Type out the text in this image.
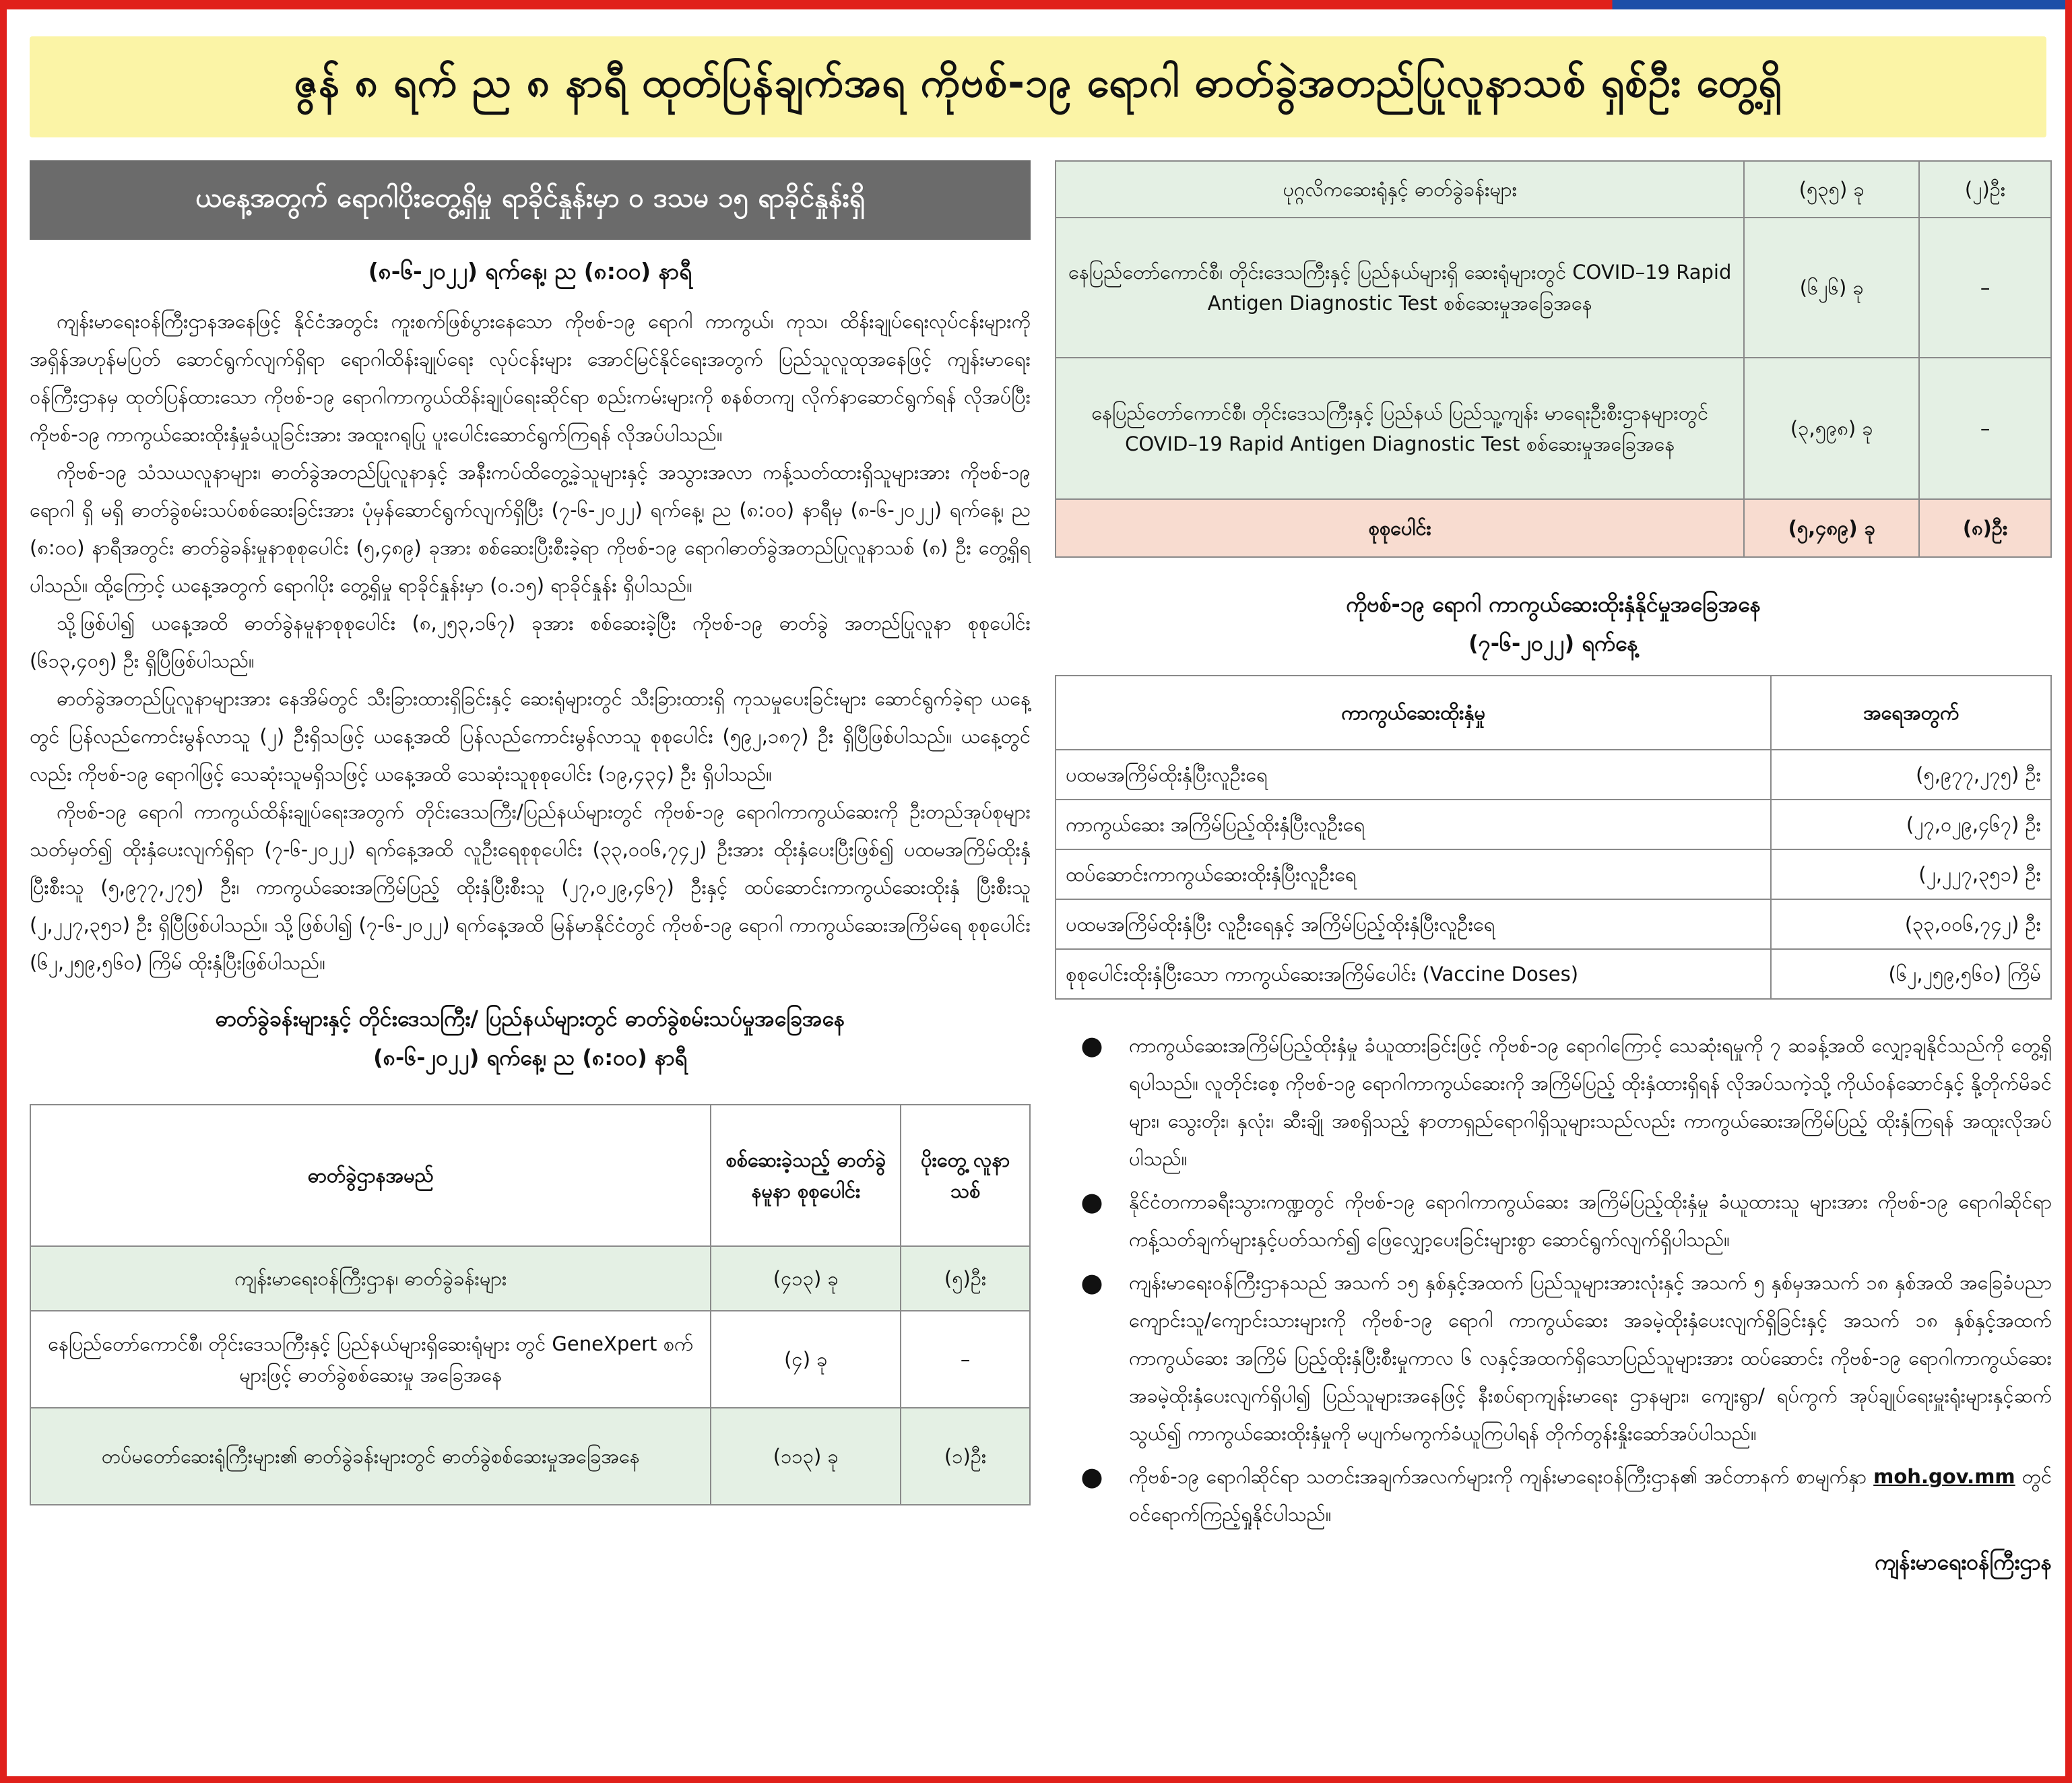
ဇွန် ၈ ရက် ည ၈ နာရီ ထုတ်ပြန်ချက်အရ ကိုဗစ်-၁၉ ရောဂါ ဓာတ်ခွဲအတည်ပြုလူနာသစ် ရှစ်ဦး တွေ့ရှိ
ယနေ့အတွက် ရောဂါပိုးတွေ့ရှိမှု ရာခိုင်နှုန်းမှာ ၀ ဒသမ ၁၅ ရာခိုင်နှုန်းရှိ
(၈-၆-၂၀၂၂) ရက်နေ့၊ ည (၈:၀၀) နာရီ

ကျန်းမာရေးဝန်ကြီးဌာနအနေဖြင့် နိုင်ငံအတွင်း ကူးစက်ဖြစ်ပွားနေသော ကိုဗစ်-၁၉ ရောဂါ ကာကွယ်၊ ကုသ၊ ထိန်းချုပ်ရေးလုပ်ငန်းများကို အရှိန်အဟုန်မပြတ် ဆောင်ရွက်လျက်ရှိရာ ရောဂါထိန်းချုပ်ရေး လုပ်ငန်းများ အောင်မြင်နိုင်ရေးအတွက် ပြည်သူလူထုအနေဖြင့် ကျန်းမာရေးဝန်ကြီးဌာနမှ ထုတ်ပြန်ထားသော ကိုဗစ်-၁၉ ရောဂါကာကွယ်ထိန်းချုပ်ရေးဆိုင်ရာ စည်းကမ်းများကို စနစ်တကျ လိုက်နာဆောင်ရွက်ရန် လိုအပ်ပြီး ကိုဗစ်-၁၉ ကာကွယ်ဆေးထိုးနှံမှုခံယူခြင်းအား အထူးဂရုပြု ပူးပေါင်းဆောင်ရွက်ကြရန် လိုအပ်ပါသည်။

ကိုဗစ်-၁၉ သံသယလူနာများ၊ ဓာတ်ခွဲအတည်ပြုလူနာနှင့် အနီးကပ်ထိတွေ့ခဲ့သူများနှင့် အသွားအလာ ကန့်သတ်ထားရှိသူများအား ကိုဗစ်-၁၉ ရောဂါ ရှိ မရှိ ဓာတ်ခွဲစမ်းသပ်စစ်ဆေးခြင်းအား ပုံမှန်ဆောင်ရွက်လျက်ရှိပြီး (၇-၆-၂၀၂၂) ရက်နေ့၊ ည (၈:၀၀) နာရီမှ (၈-၆-၂၀၂၂) ရက်နေ့၊ ည (၈:၀၀) နာရီအတွင်း ဓာတ်ခွဲခန်းမှုနာစုစုပေါင်း (၅,၄၈၉) ခုအား စစ်ဆေးပြီးစီးခဲ့ရာ ကိုဗစ်-၁၉ ရောဂါဓာတ်ခွဲအတည်ပြုလူနာသစ် (၈) ဦး တွေ့ရှိရပါသည်။ ထို့ကြောင့် ယနေ့အတွက် ရောဂါပိုး တွေ့ရှိမှု ရာခိုင်နှုန်းမှာ (၀.၁၅) ရာခိုင်နှုန်း ရှိပါသည်။

သို့ဖြစ်ပါ၍ ယနေ့အထိ ဓာတ်ခွဲနမူနာစုစုပေါင်း (၈,၂၅၃,၁၆၇) ခုအား စစ်ဆေးခဲ့ပြီး ကိုဗစ်-၁၉ ဓာတ်ခွဲ အတည်ပြုလူနာ စုစုပေါင်း (၆၁၃,၄၀၅) ဦး ရှိပြီဖြစ်ပါသည်။

ဓာတ်ခွဲအတည်ပြုလူနာများအား နေအိမ်တွင် သီးခြားထားရှိခြင်းနှင့် ဆေးရုံများတွင် သီးခြားထားရှိ ကုသမှုပေးခြင်းများ ဆောင်ရွက်ခဲ့ရာ ယနေ့တွင် ပြန်လည်ကောင်းမွန်လာသူ (၂) ဦးရှိသဖြင့် ယနေ့အထိ ပြန်လည်ကောင်းမွန်လာသူ စုစုပေါင်း (၅၉၂,၁၈၇) ဦး ရှိပြီဖြစ်ပါသည်။ ယနေ့တွင်လည်း ကိုဗစ်-၁၉ ရောဂါဖြင့် သေဆုံးသူမရှိသဖြင့် ယနေ့အထိ သေဆုံးသူစုစုပေါင်း (၁၉,၄၃၄) ဦး ရှိပါသည်။

ကိုဗစ်-၁၉ ရောဂါ ကာကွယ်ထိန်းချုပ်ရေးအတွက် တိုင်းဒေသကြီး/ပြည်နယ်များတွင် ကိုဗစ်-၁၉ ရောဂါကာကွယ်ဆေးကို ဦးတည်အုပ်စုများသတ်မှတ်၍ ထိုးနှံပေးလျက်ရှိရာ (၇-၆-၂၀၂၂) ရက်နေ့အထိ လူဦးရေစုစုပေါင်း (၃၃,၀၀၆,၇၄၂) ဦးအား ထိုးနှံပေးပြီးဖြစ်၍ ပထမအကြိမ်ထိုးနှံပြီးစီးသူ (၅,၉၇၇,၂၇၅) ဦး၊ ကာကွယ်ဆေးအကြိမ်ပြည့် ထိုးနှံပြီးစီးသူ (၂၇,၀၂၉,၄၆၇) ဦးနှင့် ထပ်ဆောင်းကာကွယ်ဆေးထိုးနှံ ပြီးစီးသူ (၂,၂၂၇,၃၅၁) ဦး ရှိပြီဖြစ်ပါသည်။ သို့ဖြစ်ပါ၍ (၇-၆-၂၀၂၂) ရက်နေ့အထိ မြန်မာနိုင်ငံတွင် ကိုဗစ်-၁၉ ရောဂါ ကာကွယ်ဆေးအကြိမ်ရေ စုစုပေါင်း (၆၂,၂၅၉,၅၆၀) ကြိမ် ထိုးနှံပြီးဖြစ်ပါသည်။

ဓာတ်ခွဲခန်းများနှင့် တိုင်းဒေသကြီး/ ပြည်နယ်များတွင် ဓာတ်ခွဲစမ်းသပ်မှုအခြေအနေ
(၈-၆-၂၀၂၂) ရက်နေ့၊ ည (၈:၀၀) နာရီ
ဓာတ်ခွဲဌာနအမည်	စစ်ဆေးခဲ့သည့် ဓာတ်ခွဲနမူနာ စုစုပေါင်း	ပိုးတွေ့ လူနာသစ်
ကျန်းမာရေးဝန်ကြီးဌာန၊ ဓာတ်ခွဲခန်းများ	(၄၁၃) ခု	(၅)ဦး
နေပြည်တော်ကောင်စီ၊ တိုင်းဒေသကြီးနှင့် ပြည်နယ်များရှိဆေးရုံများ တွင် GeneXpert စက်များဖြင့် ဓာတ်ခွဲစစ်ဆေးမှု အခြေအနေ	(၄) ခု	–
တပ်မတော်ဆေးရုံကြီးများ၏ ဓာတ်ခွဲခန်းများတွင် ဓာတ်ခွဲစစ်ဆေးမှုအခြေအနေ	(၁၁၃) ခု	(၁)ဦး
ပုဂ္ဂလိကဆေးရုံနှင့် ဓာတ်ခွဲခန်းများ	(၅၃၅) ခု	(၂)ဦး
နေပြည်တော်ကောင်စီ၊ တိုင်းဒေသကြီးနှင့် ပြည်နယ်များရှိ ဆေးရုံများတွင် COVID–19 Rapid Antigen Diagnostic Test စစ်ဆေးမှုအခြေအနေ	(၆၂၆) ခု	–
နေပြည်တော်ကောင်စီ၊ တိုင်းဒေသကြီးနှင့် ပြည်နယ် ပြည်သူ့ကျန်း မာရေးဦးစီးဌာနများတွင် COVID–19 Rapid Antigen Diagnostic Test စစ်ဆေးမှုအခြေအနေ	(၃,၅၉၈) ခု	–
စုစုပေါင်း	(၅,၄၈၉) ခု	(၈)ဦး
ကိုဗစ်-၁၉ ရောဂါ ကာကွယ်ဆေးထိုးနှံနိုင်မှုအခြေအနေ
(၇-၆-၂၀၂၂) ရက်နေ့
ကာကွယ်ဆေးထိုးနှံမှု	အရေအတွက်
ပထမအကြိမ်ထိုးနှံပြီးလူဦးရေ	(၅,၉၇၇,၂၇၅) ဦး
ကာကွယ်ဆေး အကြိမ်ပြည့်ထိုးနှံပြီးလူဦးရေ	(၂၇,၀၂၉,၄၆၇) ဦး
ထပ်ဆောင်းကာကွယ်ဆေးထိုးနှံပြီးလူဦးရေ	(၂,၂၂၇,၃၅၁) ဦး
ပထမအကြိမ်ထိုးနှံပြီး လူဦးရေနှင့် အကြိမ်ပြည့်ထိုးနှံပြီးလူဦးရေ	(၃၃,၀၀၆,၇၄၂) ဦး
စုစုပေါင်းထိုးနှံပြီးသော ကာကွယ်ဆေးအကြိမ်ပေါင်း (Vaccine Doses)	(၆၂,၂၅၉,၅၆၀) ကြိမ်
●	ကာကွယ်ဆေးအကြိမ်ပြည့်ထိုးနှံမှု ခံယူထားခြင်းဖြင့် ကိုဗစ်-၁၉ ရောဂါကြောင့် သေဆုံးရမှုကို ၇ ဆခန့်အထိ လျှော့ချနိုင်သည်ကို တွေ့ရှိရပါသည်။ လူတိုင်းစေ့ ကိုဗစ်-၁၉ ရောဂါကာကွယ်ဆေးကို အကြိမ်ပြည့် ထိုးနှံထားရှိရန် လိုအပ်သကဲ့သို့ ကိုယ်ဝန်ဆောင်နှင့် နို့တိုက်မိခင်များ၊ သွေးတိုး၊ နှလုံး၊ ဆီးချို အစရှိသည့် နာတာရှည်ရောဂါရှိသူများသည်လည်း ကာကွယ်ဆေးအကြိမ်ပြည့် ထိုးနှံကြရန် အထူးလိုအပ်ပါသည်။
●	နိုင်ငံတကာခရီးသွားကဏ္ဍတွင် ကိုဗစ်-၁၉ ရောဂါကာကွယ်ဆေး အကြိမ်ပြည့်ထိုးနှံမှု ခံယူထားသူ များအား ကိုဗစ်-၁၉ ရောဂါဆိုင်ရာ ကန့်သတ်ချက်များနှင့်ပတ်သက်၍ ဖြေလျှော့ပေးခြင်းများစွာ ဆောင်ရွက်လျက်ရှိပါသည်။
●	ကျန်းမာရေးဝန်ကြီးဌာနသည် အသက် ၁၅ နှစ်နှင့်အထက် ပြည်သူများအားလုံးနှင့် အသက် ၅ နှစ်မှအသက် ၁၈ နှစ်အထိ အခြေခံပညာကျောင်းသူ/ကျောင်းသားများကို ကိုဗစ်-၁၉ ရောဂါ ကာကွယ်ဆေး အခမဲ့ထိုးနှံပေးလျက်ရှိခြင်းနှင့် အသက် ၁၈ နှစ်နှင့်အထက် ကာကွယ်ဆေး အကြိမ် ပြည့်ထိုးနှံပြီးစီးမှုကာလ ၆ လနှင့်အထက်ရှိသောပြည်သူများအား ထပ်ဆောင်း ကိုဗစ်-၁၉ ရောဂါကာကွယ်ဆေး အခမဲ့ထိုးနှံပေးလျက်ရှိပါ၍ ပြည်သူများအနေဖြင့် နီးစပ်ရာကျန်းမာရေး ဌာနများ၊ ကျေးရွာ/ ရပ်ကွက် အုပ်ချုပ်ရေးမှူးရုံးများနှင့်ဆက်သွယ်၍ ကာကွယ်ဆေးထိုးနှံမှုကို မပျက်မကွက်ခံယူကြပါရန် တိုက်တွန်းနှိုးဆော်အပ်ပါသည်။
●	ကိုဗစ်-၁၉ ရောဂါဆိုင်ရာ သတင်းအချက်အလက်များကို ကျန်းမာရေးဝန်ကြီးဌာန၏ အင်တာနက် စာမျက်နှာ moh.gov.mm တွင် ဝင်ရောက်ကြည့်ရှုနိုင်ပါသည်။
ကျန်းမာရေးဝန်ကြီးဌာန
